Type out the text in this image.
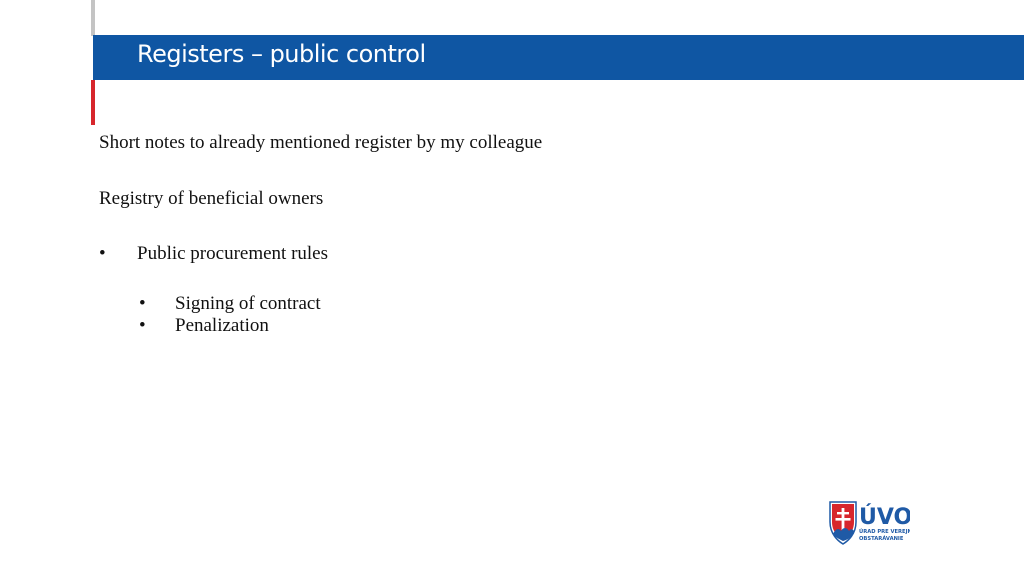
Registers – public control
Short notes to already mentioned register by my colleague
Registry of beneficial owners
• Public procurement rules
• Signing of contract
• Penalization
ÚVO
ÚRAD PRE VEREJNÉ
OBSTARÁVANIE
